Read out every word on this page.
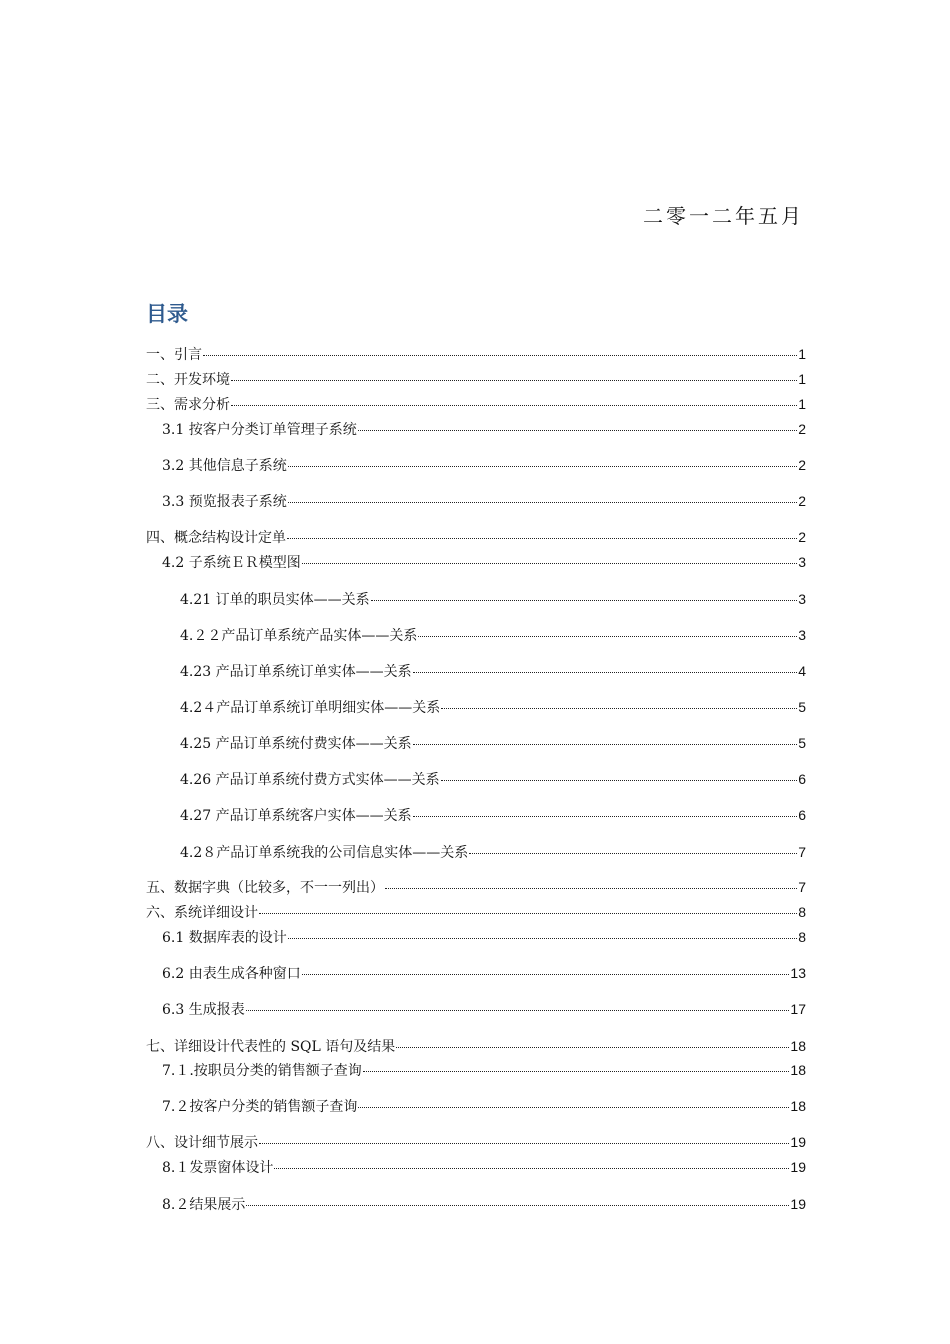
二零一二年五月
目录
一、引言	1
二、开发环境	1
三、需求分析	1
3.1 按客户分类订单管理子系统	2
3.2 其他信息子系统	2
3.3 预览报表子系统	2
四、概念结构设计定单	2
4.2 子系统ＥＲ模型图	3
4.21 订单的职员实体——关系	3
4.２２产品订单系统产品实体——关系	3
4.23 产品订单系统订单实体——关系	4
4.2４产品订单系统订单明细实体——关系	5
4.25 产品订单系统付费实体——关系	5
4.26 产品订单系统付费方式实体——关系	6
4.27 产品订单系统客户实体——关系	6
4.2８产品订单系统我的公司信息实体——关系	7
五、数据字典（比较多，不一一列出）	7
六、系统详细设计	8
6.1 数据库表的设计	8
6.2 由表生成各种窗口	13
6.3 生成报表	17
七、详细设计代表性的 SQL 语句及结果	18
7.１.按职员分类的销售额子查询	18
7.２按客户分类的销售额子查询	18
八、设计细节展示	19
8.１发票窗体设计	19
8.２结果展示	19
